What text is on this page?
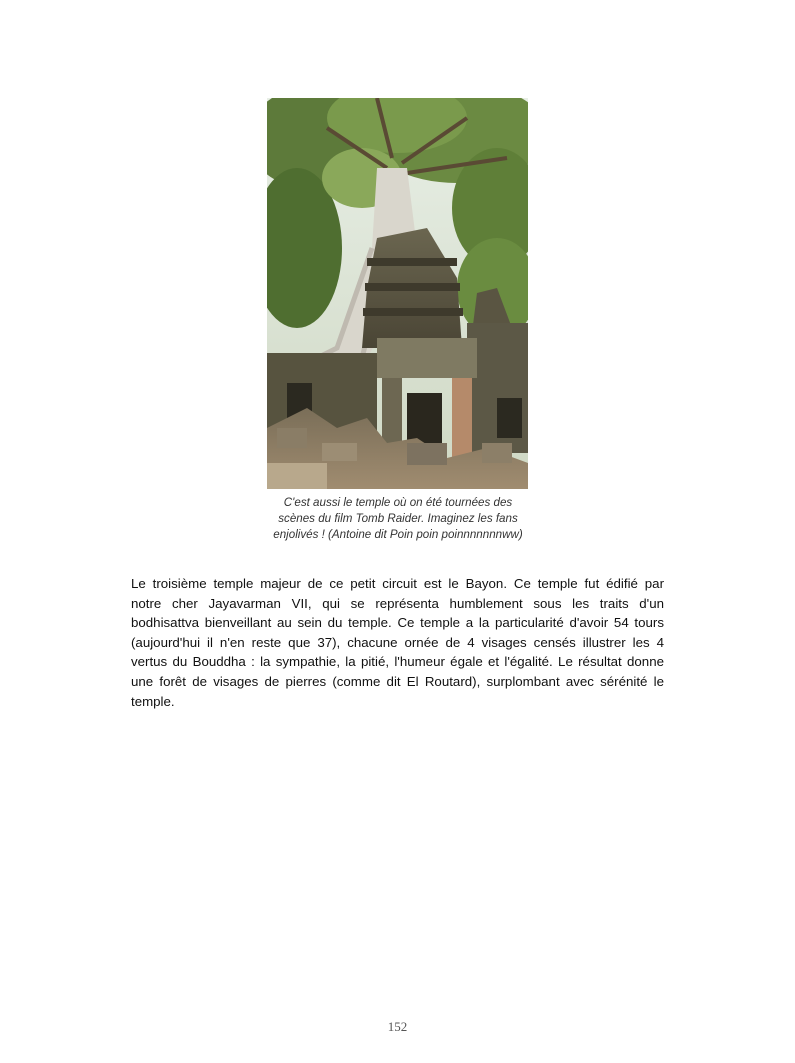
C'est aussi le temple où on été tournées des
scènes du film Tomb Raider. Imaginez les fans
enjolivés ! (Antoine dit Poin poin poinnnnnnnww)
Le troisième temple majeur de ce petit circuit est le Bayon. Ce temple fut édifié par
notre cher Jayavarman VII, qui se représenta humblement sous les traits d'un
bodhisattva bienveillant au sein du temple. Ce temple a la particularité d'avoir 54 tours
(aujourd'hui il n'en reste que 37), chacune ornée de 4 visages censés illustrer les 4
vertus du Bouddha : la sympathie, la pitié, l'humeur égale et l'égalité. Le résultat donne
une forêt de visages de pierres (comme dit El Routard), surplombant avec sérénité le
temple.
152
